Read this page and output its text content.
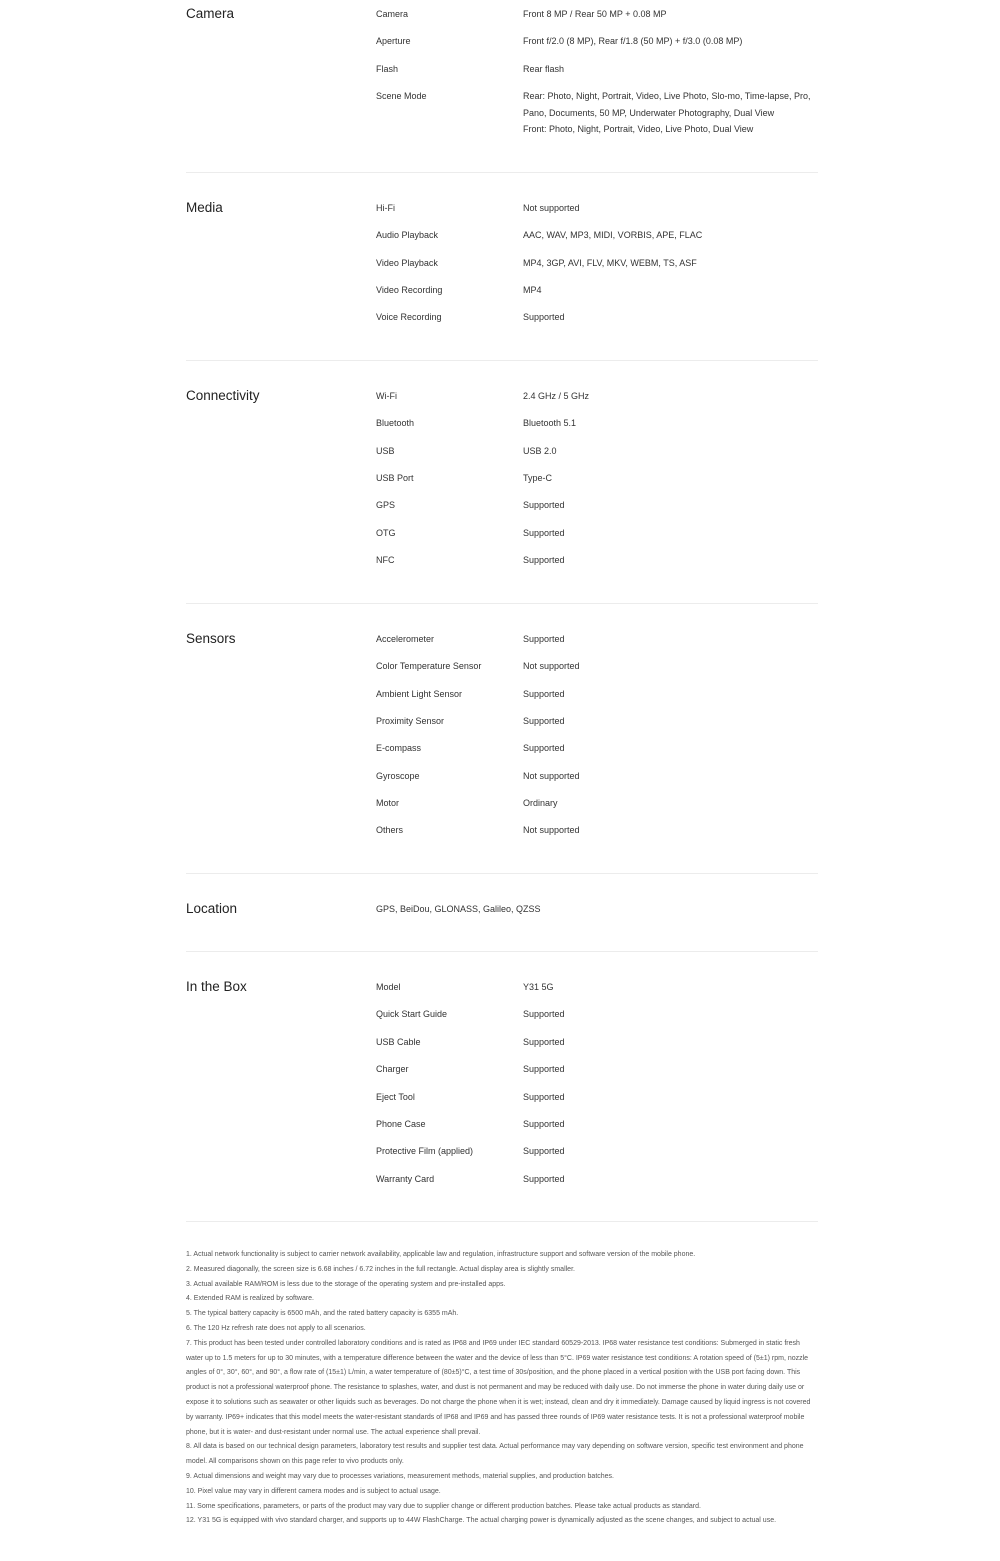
Camera	Camera	Front 8 MP / Rear 50 MP + 0.08 MP
Aperture	Front f/2.0 (8 MP), Rear f/1.8 (50 MP) + f/3.0 (0.08 MP)
Flash	Rear flash
Scene Mode	Rear: Photo, Night, Portrait, Video, Live Photo, Slo-mo, Time-lapse, Pro, Pano, Documents, 50 MP, Underwater Photography, Dual View
Front: Photo, Night, Portrait, Video, Live Photo, Dual View
Media	Hi-Fi	Not supported
Audio Playback	AAC, WAV, MP3, MIDI, VORBIS, APE, FLAC
Video Playback	MP4, 3GP, AVI, FLV, MKV, WEBM, TS, ASF
Video Recording	MP4
Voice Recording	Supported
Connectivity	Wi-Fi	2.4 GHz / 5 GHz
Bluetooth	Bluetooth 5.1
USB	USB 2.0
USB Port	Type-C
GPS	Supported
OTG	Supported
NFC	Supported
Sensors	Accelerometer	Supported
Color Temperature Sensor	Not supported
Ambient Light Sensor	Supported
Proximity Sensor	Supported
E-compass	Supported
Gyroscope	Not supported
Motor	Ordinary
Others	Not supported
Location	GPS, BeiDou, GLONASS, Galileo, QZSS
In the Box	Model	Y31 5G
Quick Start Guide	Supported
USB Cable	Supported
Charger	Supported
Eject Tool	Supported
Phone Case	Supported
Protective Film (applied)	Supported
Warranty Card	Supported

1. Actual network functionality is subject to carrier network availability, applicable law and regulation, infrastructure support and software version of the mobile phone.

2. Measured diagonally, the screen size is 6.68 inches / 6.72 inches in the full rectangle. Actual display area is slightly smaller.

3. Actual available RAM/ROM is less due to the storage of the operating system and pre-installed apps.

4. Extended RAM is realized by software.

5. The typical battery capacity is 6500 mAh, and the rated battery capacity is 6355 mAh.

6. The 120 Hz refresh rate does not apply to all scenarios.

7. This product has been tested under controlled laboratory conditions and is rated as IP68 and IP69 under IEC standard 60529-2013. IP68 water resistance test conditions: Submerged in static fresh water up to 1.5 meters for up to 30 minutes, with a temperature difference between the water and the device of less than 5°C. IP69 water resistance test conditions: A rotation speed of (5±1) rpm, nozzle angles of 0°, 30°, 60°, and 90°, a flow rate of (15±1) L/min, a water temperature of (80±5)°C, a test time of 30s/position, and the phone placed in a vertical position with the USB port facing down. This product is not a professional waterproof phone. The resistance to splashes, water, and dust is not permanent and may be reduced with daily use. Do not immerse the phone in water during daily use or expose it to solutions such as seawater or other liquids such as beverages. Do not charge the phone when it is wet; instead, clean and dry it immediately. Damage caused by liquid ingress is not covered by warranty. IP69+ indicates that this model meets the water-resistant standards of IP68 and IP69 and has passed three rounds of IP69 water resistance tests. It is not a professional waterproof mobile phone, but it is water- and dust-resistant under normal use. The actual experience shall prevail.

8. All data is based on our technical design parameters, laboratory test results and supplier test data. Actual performance may vary depending on software version, specific test environment and phone model. All comparisons shown on this page refer to vivo products only.

9. Actual dimensions and weight may vary due to processes variations, measurement methods, material supplies, and production batches.

10. Pixel value may vary in different camera modes and is subject to actual usage.

11. Some specifications, parameters, or parts of the product may vary due to supplier change or different production batches. Please take actual products as standard.

12. Y31 5G is equipped with vivo standard charger, and supports up to 44W FlashCharge. The actual charging power is dynamically adjusted as the scene changes, and subject to actual use.
